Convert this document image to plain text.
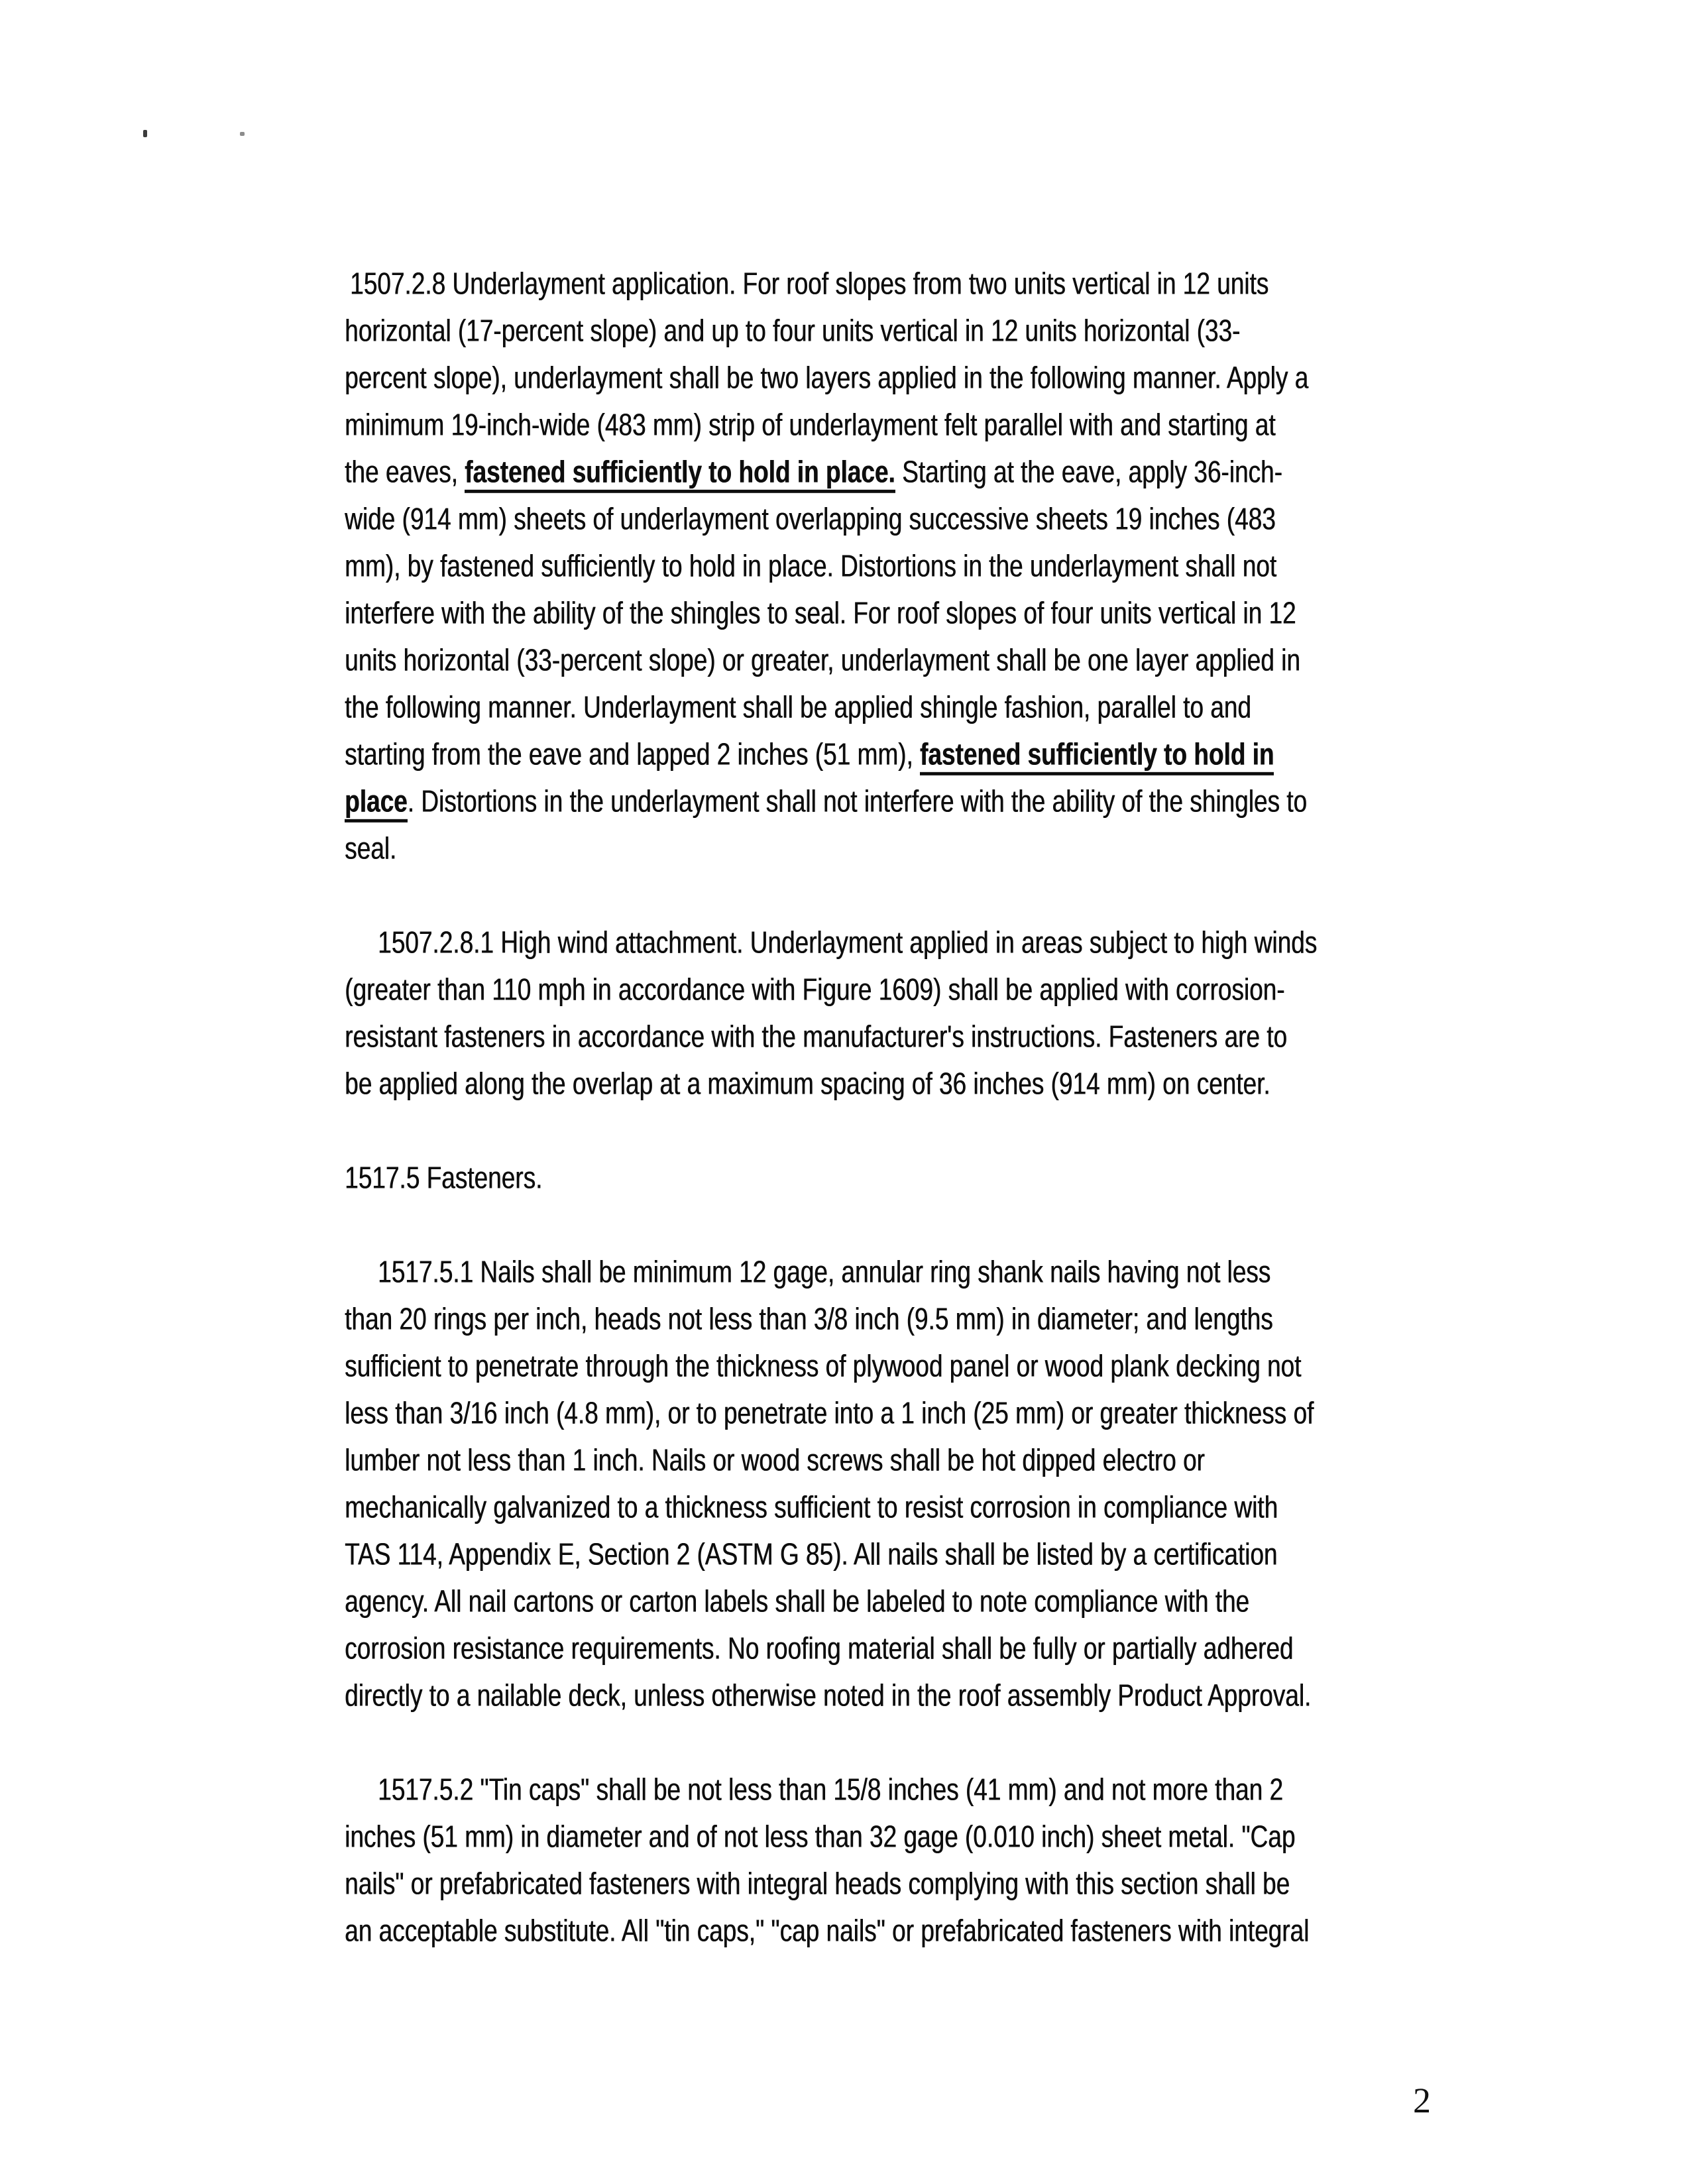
1507.2.8 Underlayment application. For roof slopes from two units vertical in 12 units
horizontal (17-percent slope) and up to four units vertical in 12 units horizontal (33-
percent slope), underlayment shall be two layers applied in the following manner. Apply a
minimum 19-inch-wide (483 mm) strip of underlayment felt parallel with and starting at
the eaves, fastened sufficiently to hold in place. Starting at the eave, apply 36-inch-
wide (914 mm) sheets of underlayment overlapping successive sheets 19 inches (483
mm), by fastened sufficiently to hold in place. Distortions in the underlayment shall not
interfere with the ability of the shingles to seal. For roof slopes of four units vertical in 12
units horizontal (33-percent slope) or greater, underlayment shall be one layer applied in
the following manner. Underlayment shall be applied shingle fashion, parallel to and
starting from the eave and lapped 2 inches (51 mm), fastened sufficiently to hold in
place. Distortions in the underlayment shall not interfere with the ability of the shingles to
seal.
1507.2.8.1 High wind attachment. Underlayment applied in areas subject to high winds
(greater than 110 mph in accordance with Figure 1609) shall be applied with corrosion-
resistant fasteners in accordance with the manufacturer's instructions. Fasteners are to
be applied along the overlap at a maximum spacing of 36 inches (914 mm) on center.
1517.5 Fasteners.
1517.5.1 Nails shall be minimum 12 gage, annular ring shank nails having not less
than 20 rings per inch, heads not less than 3/8 inch (9.5 mm) in diameter; and lengths
sufficient to penetrate through the thickness of plywood panel or wood plank decking not
less than 3/16 inch (4.8 mm), or to penetrate into a 1 inch (25 mm) or greater thickness of
lumber not less than 1 inch. Nails or wood screws shall be hot dipped electro or
mechanically galvanized to a thickness sufficient to resist corrosion in compliance with
TAS 114, Appendix E, Section 2 (ASTM G 85). All nails shall be listed by a certification
agency. All nail cartons or carton labels shall be labeled to note compliance with the
corrosion resistance requirements. No roofing material shall be fully or partially adhered
directly to a nailable deck, unless otherwise noted in the roof assembly Product Approval.
1517.5.2 "Tin caps" shall be not less than 15/8 inches (41 mm) and not more than 2
inches (51 mm) in diameter and of not less than 32 gage (0.010 inch) sheet metal. "Cap
nails" or prefabricated fasteners with integral heads complying with this section shall be
an acceptable substitute. All "tin caps," "cap nails" or prefabricated fasteners with integral
2
